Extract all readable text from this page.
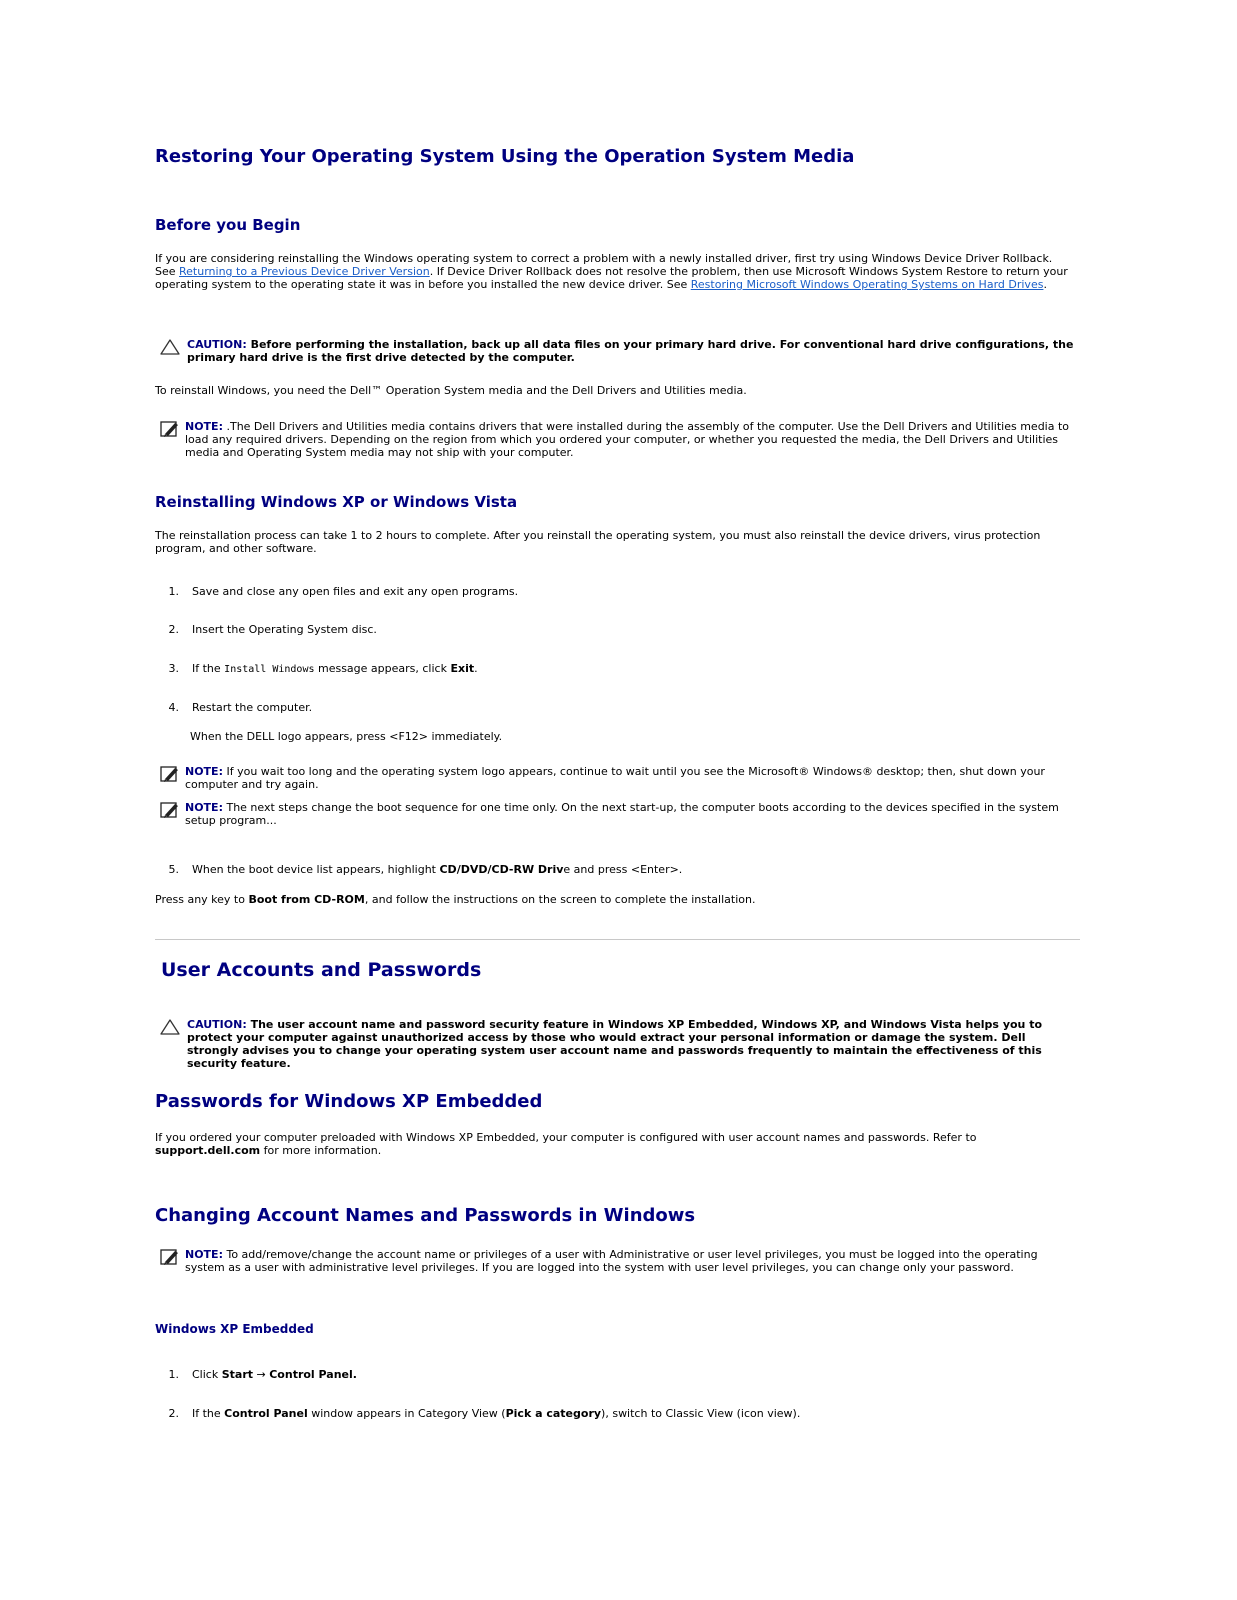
Restoring Your Operating System Using the Operation System Media
Before you Begin

If you are considering reinstalling the Windows operating system to correct a problem with a newly installed driver, first try using Windows Device Driver Rollback. See Returning to a Previous Device Driver Version. If Device Driver Rollback does not resolve the problem, then use Microsoft Windows System Restore to return your operating system to the operating state it was in before you installed the new device driver. See Restoring Microsoft Windows Operating Systems on Hard Drives.

CAUTION: Before performing the installation, back up all data files on your primary hard drive. For conventional hard drive configurations, the primary hard drive is the first drive detected by the computer.

To reinstall Windows, you need the Dell™ Operation System media and the Dell Drivers and Utilities media.

NOTE: .The Dell Drivers and Utilities media contains drivers that were installed during the assembly of the computer. Use the Dell Drivers and Utilities media to load any required drivers. Depending on the region from which you ordered your computer, or whether you requested the media, the Dell Drivers and Utilities media and Operating System media may not ship with your computer.
Reinstalling Windows XP or Windows Vista

The reinstallation process can take 1 to 2 hours to complete. After you reinstall the operating system, you must also reinstall the device drivers, virus protection program, and other software.

1. Save and close any open files and exit any open programs.
2. Insert the Operating System disc.
3. If the Install Windows message appears, click Exit.
4. Restart the computer.

When the DELL logo appears, press <F12> immediately.

NOTE: If you wait too long and the operating system logo appears, continue to wait until you see the Microsoft® Windows® desktop; then, shut down your computer and try again.
NOTE: The next steps change the boot sequence for one time only. On the next start-up, the computer boots according to the devices specified in the system setup program...
5. When the boot device list appears, highlight CD/DVD/CD-RW Drive and press <Enter>.

Press any key to Boot from CD-ROM, and follow the instructions on the screen to complete the installation.

User Accounts and Passwords
CAUTION: The user account name and password security feature in Windows XP Embedded, Windows XP, and Windows Vista helps you to protect your computer against unauthorized access by those who would extract your personal information or damage the system. Dell strongly advises you to change your operating system user account name and passwords frequently to maintain the effectiveness of this security feature.
Passwords for Windows XP Embedded

If you ordered your computer preloaded with Windows XP Embedded, your computer is configured with user account names and passwords. Refer to support.dell.com for more information.

Changing Account Names and Passwords in Windows
NOTE: To add/remove/change the account name or privileges of a user with Administrative or user level privileges, you must be logged into the operating system as a user with administrative level privileges. If you are logged into the system with user level privileges, you can change only your password.
Windows XP Embedded
1. Click Start → Control Panel.
2. If the Control Panel window appears in Category View (Pick a category), switch to Classic View (icon view).
